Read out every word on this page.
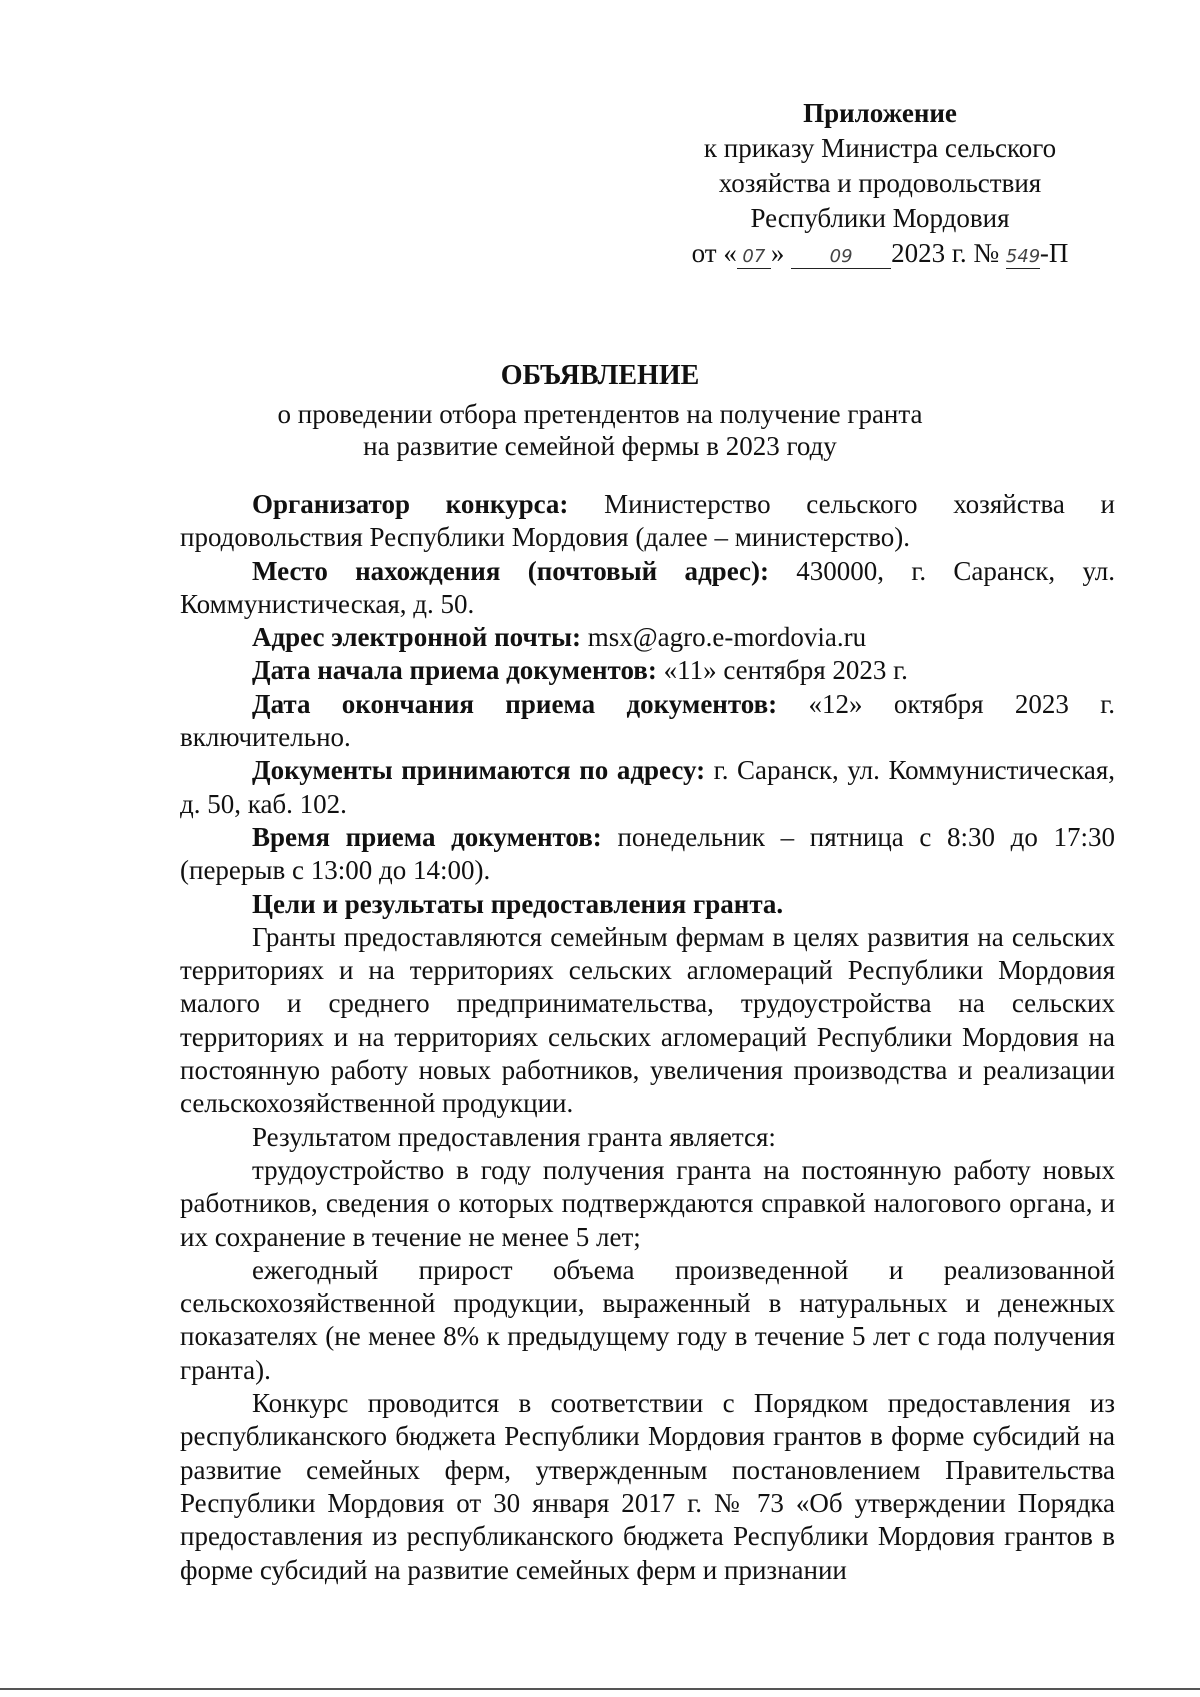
Приложение
к приказу Министра сельского
хозяйства и продовольствия
Республики Мордовия
от « 07 »	09 2023 г. № 549-П
ОБЪЯВЛЕНИЕ
о проведении отбора претендентов на получение гранта
на развитие семейной фермы в 2023 году

Организатор конкурса: Министерство сельского хозяйства и продовольствия Республики Мордовия (далее – министерство).

Место нахождения (почтовый адрес): 430000, г. Саранск, ул. Коммунистическая, д. 50.

Адрес электронной почты: msx@agro.e-mordovia.ru

Дата начала приема документов: «11» сентября 2023 г.

Дата окончания приема документов: «12» октября 2023 г. включительно.

Документы принимаются по адресу: г. Саранск, ул. Коммунистическая, д. 50, каб. 102.

Время приема документов: понедельник – пятница с 8:30 до 17:30 (перерыв с 13:00 до 14:00).

Цели и результаты предоставления гранта.

Гранты предоставляются семейным фермам в целях развития на сельских территориях и на территориях сельских агломераций Республики Мордовия малого и среднего предпринимательства, трудоустройства на сельских территориях и на территориях сельских агломераций Республики Мордовия на постоянную работу новых работников, увеличения производства и реализации сельскохозяйственной продукции.

Результатом предоставления гранта является:

трудоустройство в году получения гранта на постоянную работу новых работников, сведения о которых подтверждаются справкой налогового органа, и их сохранение в течение не менее 5 лет;

ежегодный прирост объема произведенной и реализованной сельскохозяйственной продукции, выраженный в натуральных и денежных показателях (не менее 8% к предыдущему году в течение 5 лет с года получения гранта).

Конкурс проводится в соответствии с Порядком предоставления из республиканского бюджета Республики Мордовия грантов в форме субсидий на развитие семейных ферм, утвержденным постановлением Правительства Республики Мордовия от 30 января 2017 г. № 73 «Об утверждении Порядка предоставления из республиканского бюджета Республики Мордовия грантов в форме субсидий на развитие семейных ферм и признании
